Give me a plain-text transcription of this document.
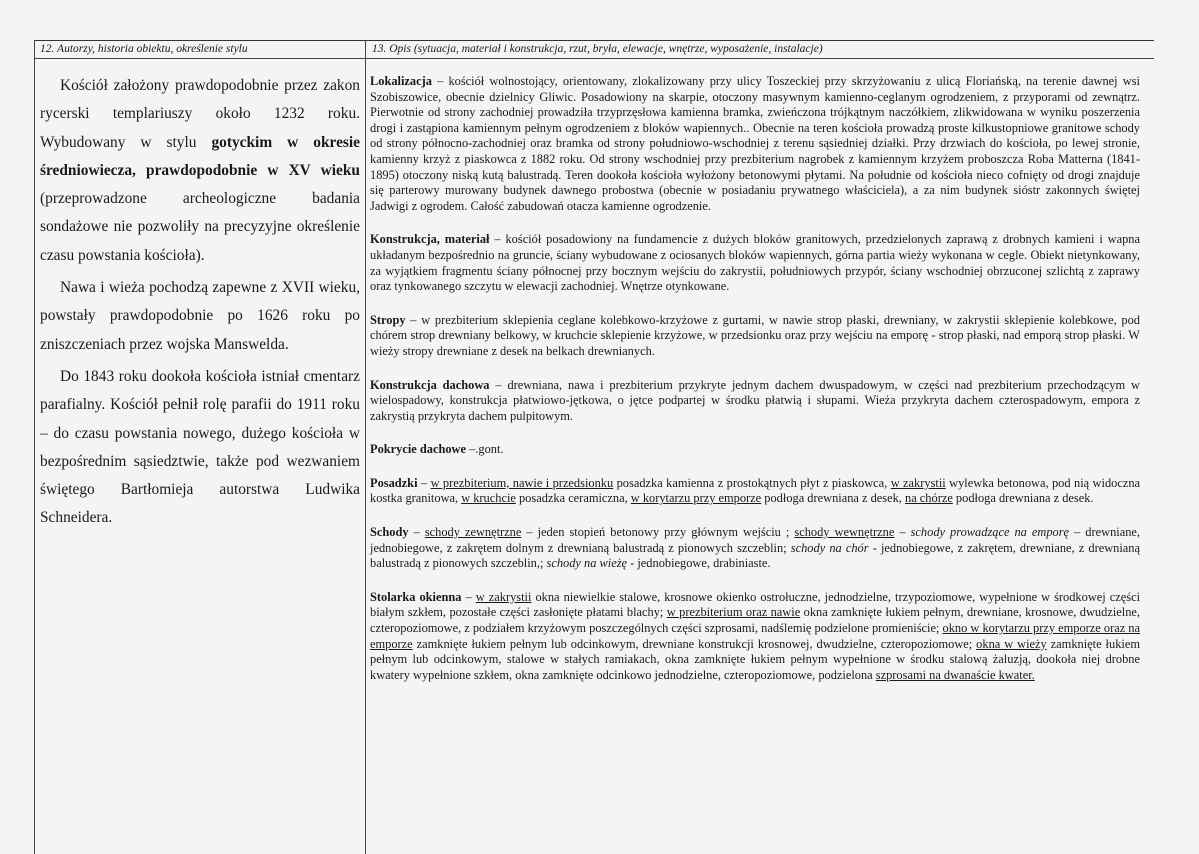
12. Autorzy, historia obiektu, określenie stylu	13. Opis (sytuacja, materiał i konstrukcja, rzut, bryła, elewacje, wnętrze, wyposażenie, instalacje)

Kościół założony prawdopodobnie przez zakon rycerski templariuszy około 1232 roku. Wybudowany w stylu gotyckim w okresie średniowiecza, prawdopodobnie w XV wieku (przeprowadzone archeologiczne badania sondażowe nie pozwoliły na precyzyjne określenie czasu powstania kościoła).

Nawa i wieża pochodzą zapewne z XVII wieku, powstały prawdopodobnie po 1626 roku po zniszczeniach przez wojska Manswelda.

Do 1843 roku dookoła kościoła istniał cmentarz parafialny. Kościół pełnił rolę parafii do 1911 roku – do czasu powstania nowego, dużego kościoła w bezpośrednim sąsiedztwie, także pod wezwaniem świętego Bartłomieja autorstwa Ludwika Schneidera.

Lokalizacja – kościół wolnostojący, orientowany, zlokalizowany przy ulicy Toszeckiej przy skrzyżowaniu z ulicą Floriańską, na terenie dawnej wsi Szobiszowice, obecnie dzielnicy Gliwic. Posadowiony na skarpie, otoczony masywnym kamienno-ceglanym ogrodzeniem, z przyporami od zewnątrz. Pierwotnie od strony zachodniej prowadziła trzyprzęsłowa kamienna bramka, zwieńczona trójkątnym naczółkiem, zlikwidowana w wyniku poszerzenia drogi i zastąpiona kamiennym pełnym ogrodzeniem z bloków wapiennych.. Obecnie na teren kościoła prowadzą proste kilkustopniowe granitowe schody od strony północno-zachodniej oraz bramka od strony południowo-wschodniej z terenu sąsiedniej działki. Przy drzwiach do kościoła, po lewej stronie, kamienny krzyż z piaskowca z 1882 roku. Od strony wschodniej przy prezbiterium nagrobek z kamiennym krzyżem proboszcza Roba Matterna (1841-1895) otoczony niską kutą balustradą. Teren dookoła kościoła wyłożony betonowymi płytami. Na południe od kościoła nieco cofnięty od drogi znajduje się parterowy murowany budynek dawnego probostwa (obecnie w posiadaniu prywatnego właściciela), a za nim budynek sióstr zakonnych świętej Jadwigi z ogrodem. Całość zabudowań otacza kamienne ogrodzenie.

Konstrukcja, materiał – kościół posadowiony na fundamencie z dużych bloków granitowych, przedzielonych zaprawą z drobnych kamieni i wapna układanym bezpośrednio na gruncie, ściany wybudowane z ociosanych bloków wapiennych, górna partia wieży wykonana w cegle. Obiekt nietynkowany, za wyjątkiem fragmentu ściany północnej przy bocznym wejściu do zakrystii, południowych przypór, ściany wschodniej obrzuconej szlichtą z zaprawy oraz tynkowanego szczytu w elewacji zachodniej. Wnętrze otynkowane.

Stropy – w prezbiterium sklepienia ceglane kolebkowo-krzyżowe z gurtami, w nawie strop płaski, drewniany, w zakrystii sklepienie kolebkowe, pod chórem strop drewniany belkowy, w kruchcie sklepienie krzyżowe, w przedsionku oraz przy wejściu na emporę - strop płaski, nad emporą strop płaski. W wieży stropy drewniane z desek na belkach drewnianych.

Konstrukcja dachowa – drewniana, nawa i prezbiterium przykryte jednym dachem dwuspadowym, w części nad prezbiterium przechodzącym w wielospadowy, konstrukcja płatwiowo-jętkowa, o jętce podpartej w środku płatwią i słupami. Wieża przykryta dachem czterospadowym, empora z zakrystią przykryta dachem pulpitowym.

Pokrycie dachowe –.gont.

Posadzki – w prezbiterium, nawie i przedsionku posadzka kamienna z prostokątnych płyt z piaskowca, w zakrystii wylewka betonowa, pod nią widoczna kostka granitowa, w kruchcie posadzka ceramiczna, w korytarzu przy emporze podłoga drewniana z desek, na chórze podłoga drewniana z desek.

Schody – schody zewnętrzne – jeden stopień betonowy przy głównym wejściu ; schody wewnętrzne – schody prowadzące na emporę – drewniane, jednobiegowe, z zakrętem dolnym z drewnianą balustradą z pionowych szczeblin; schody na chór - jednobiegowe, z zakrętem, drewniane, z drewnianą balustradą z pionowych szczeblin,; schody na wieżę - jednobiegowe, drabiniaste.

Stolarka okienna – w zakrystii okna niewielkie stalowe, krosnowe okienko ostrołuczne, jednodzielne, trzypoziomowe, wypełnione w środkowej części białym szkłem, pozostałe części zasłonięte płatami blachy; w prezbiterium oraz nawie okna zamknięte łukiem pełnym, drewniane, krosnowe, dwudzielne, czteropoziomowe, z podziałem krzyżowym poszczególnych części szprosami, nadślemię podzielone promieniście; okno w korytarzu przy emporze oraz na emporze zamknięte łukiem pełnym lub odcinkowym, drewniane konstrukcji krosnowej, dwudzielne, czteropoziomowe; okna w wieży zamknięte łukiem pełnym lub odcinkowym, stalowe w stałych ramiakach, okna zamknięte łukiem pełnym wypełnione w środku stalową żaluzją, dookoła niej drobne kwatery wypełnione szkłem, okna zamknięte odcinkowo jednodzielne, czteropoziomowe, podzielona szprosami na dwanaście kwater.
